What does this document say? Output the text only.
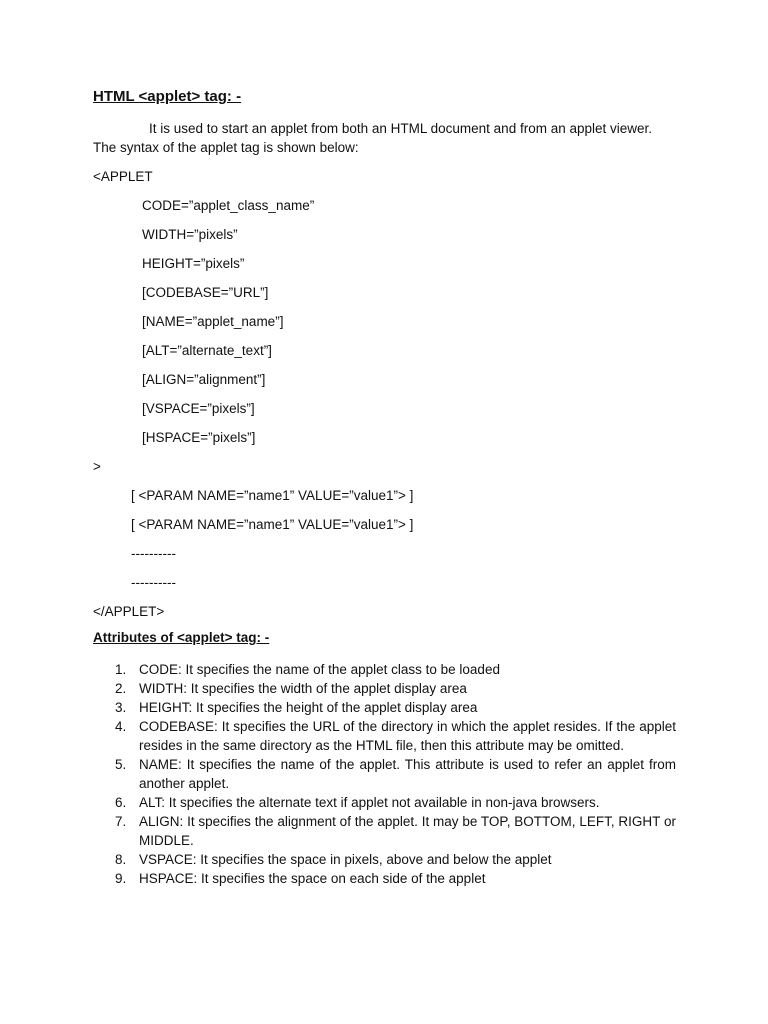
HTML <applet> tag: -

It is used to start an applet from both an HTML document and from an applet viewer. The syntax of the applet tag is shown below:

<APPLET

CODE=”applet_class_name”

WIDTH=”pixels”

HEIGHT=”pixels”

[CODEBASE=”URL”]

[NAME=”applet_name”]

[ALT=”alternate_text”]

[ALIGN=”alignment”]

[VSPACE=”pixels”]

[HSPACE=”pixels”]

>

[ <PARAM NAME=”name1” VALUE=”value1”> ]

[ <PARAM NAME=”name1” VALUE=”value1”> ]

----------

----------

</APPLET>

Attributes of <applet> tag: -
1. CODE: It specifies the name of the applet class to be loaded
2. WIDTH: It specifies the width of the applet display area
3. HEIGHT: It specifies the height of the applet display area
4. CODEBASE: It specifies the URL of the directory in which the applet resides. If the applet resides in the same directory as the HTML file, then this attribute may be omitted.
5. NAME: It specifies the name of the applet. This attribute is used to refer an applet from another applet.
6. ALT: It specifies the alternate text if applet not available in non-java browsers.
7. ALIGN: It specifies the alignment of the applet. It may be TOP, BOTTOM, LEFT, RIGHT or MIDDLE.
8. VSPACE: It specifies the space in pixels, above and below the applet
9. HSPACE: It specifies the space on each side of the applet
